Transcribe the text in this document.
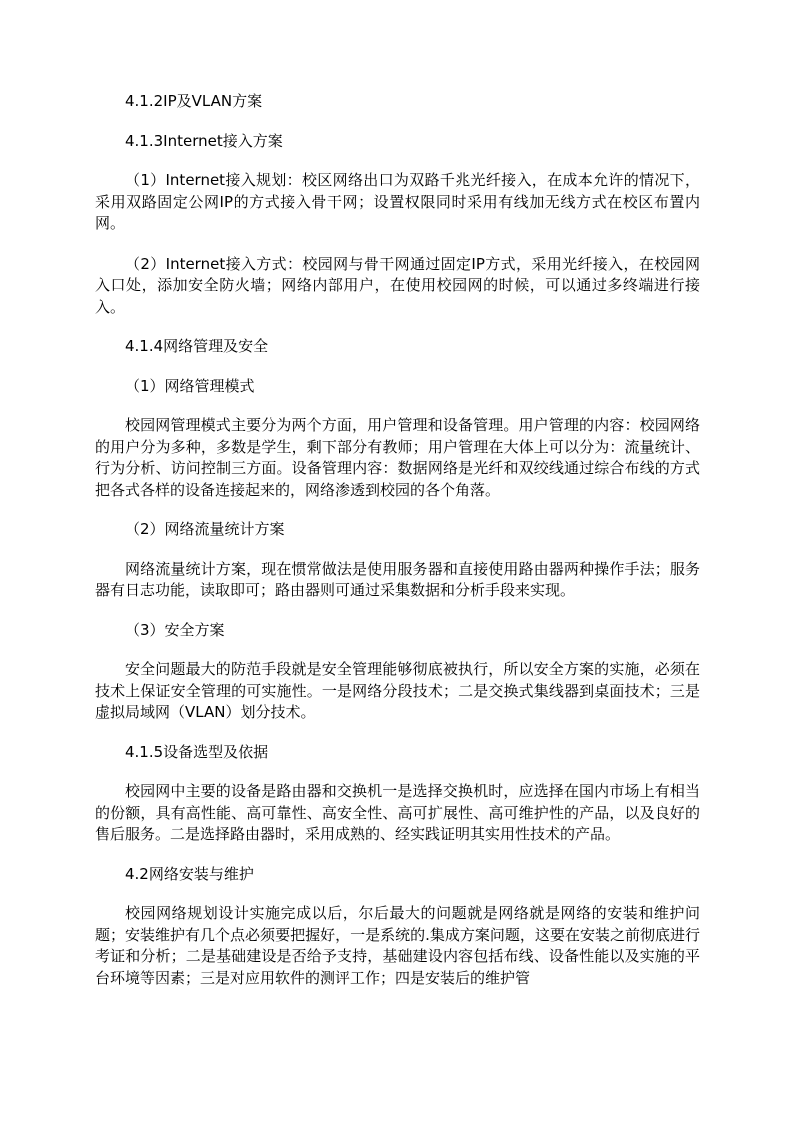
4.1.2IP及VLAN方案

4.1.3Internet接入方案

（1）Internet接入规划：校区网络出口为双路千兆光纤接入，在成本允许的情况下，采用双路固定公网IP的方式接入骨干网；设置权限同时采用有线加无线方式在校区布置内网。

（2）Internet接入方式：校园网与骨干网通过固定IP方式，采用光纤接入，在校园网入口处，添加安全防火墙；网络内部用户，在使用校园网的时候，可以通过多终端进行接入。

4.1.4网络管理及安全

（1）网络管理模式

校园网管理模式主要分为两个方面，用户管理和设备管理。用户管理的内容：校园网络的用户分为多种，多数是学生，剩下部分有教师；用户管理在大体上可以分为：流量统计、行为分析、访问控制三方面。设备管理内容：数据网络是光纤和双绞线通过综合布线的方式把各式各样的设备连接起来的，网络渗透到校园的各个角落。

（2）网络流量统计方案

网络流量统计方案，现在惯常做法是使用服务器和直接使用路由器两种操作手法；服务器有日志功能，读取即可；路由器则可通过采集数据和分析手段来实现。

（3）安全方案

安全问题最大的防范手段就是安全管理能够彻底被执行，所以安全方案的实施，必须在技术上保证安全管理的可实施性。一是网络分段技术；二是交换式集线器到桌面技术；三是虚拟局域网（VLAN）划分技术。

4.1.5设备选型及依据

校园网中主要的设备是路由器和交换机一是选择交换机时，应选择在国内市场上有相当的份额，具有高性能、高可靠性、高安全性、高可扩展性、高可维护性的产品，以及良好的售后服务。二是选择路由器时，采用成熟的、经实践证明其实用性技术的产品。

4.2网络安装与维护

校园网络规划设计实施完成以后，尔后最大的问题就是网络就是网络的安装和维护问题；安装维护有几个点必须要把握好，一是系统的.集成方案问题，这要在安装之前彻底进行考证和分析；二是基础建设是否给予支持，基础建设内容包括布线、设备性能以及实施的平台环境等因素；三是对应用软件的测评工作；四是安装后的维护管
